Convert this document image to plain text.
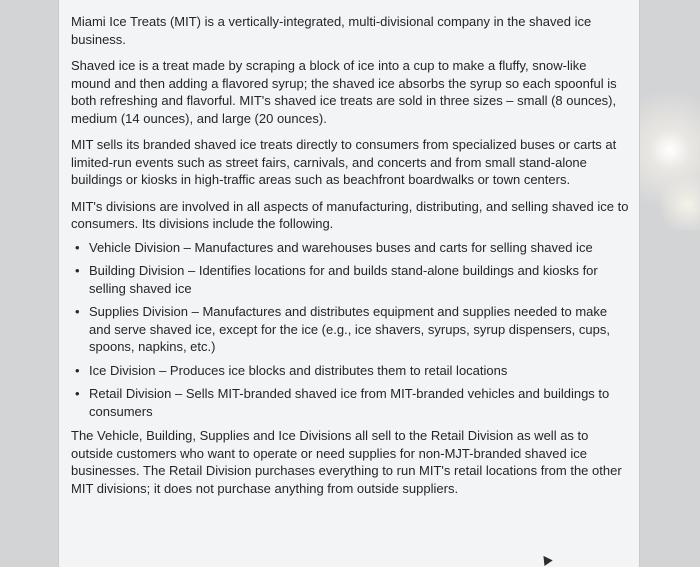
Miami Ice Treats (MIT) is a vertically-integrated, multi-divisional company in the shaved ice business.

Shaved ice is a treat made by scraping a block of ice into a cup to make a fluffy, snow-like mound and then adding a flavored syrup; the shaved ice absorbs the syrup so each spoonful is both refreshing and flavorful. MIT's shaved ice treats are sold in three sizes – small (8 ounces), medium (14 ounces), and large (20 ounces).

MIT sells its branded shaved ice treats directly to consumers from specialized buses or carts at limited-run events such as street fairs, carnivals, and concerts and from small stand-alone buildings or kiosks in high-traffic areas such as beachfront boardwalks or town centers.

MIT's divisions are involved in all aspects of manufacturing, distributing, and selling shaved ice to consumers. Its divisions include the following.

• Vehicle Division – Manufactures and warehouses buses and carts for selling shaved ice
• Building Division – Identifies locations for and builds stand-alone buildings and kiosks for selling shaved ice
• Supplies Division – Manufactures and distributes equipment and supplies needed to make and serve shaved ice, except for the ice (e.g., ice shavers, syrups, syrup dispensers, cups, spoons, napkins, etc.)
• Ice Division – Produces ice blocks and distributes them to retail locations
• Retail Division – Sells MIT-branded shaved ice from MIT-branded vehicles and buildings to consumers

The Vehicle, Building, Supplies and Ice Divisions all sell to the Retail Division as well as to outside customers who want to operate or need supplies for non-MJT-branded shaved ice businesses. The Retail Division purchases everything to run MIT's retail locations from the other MIT divisions; it does not purchase anything from outside suppliers.
